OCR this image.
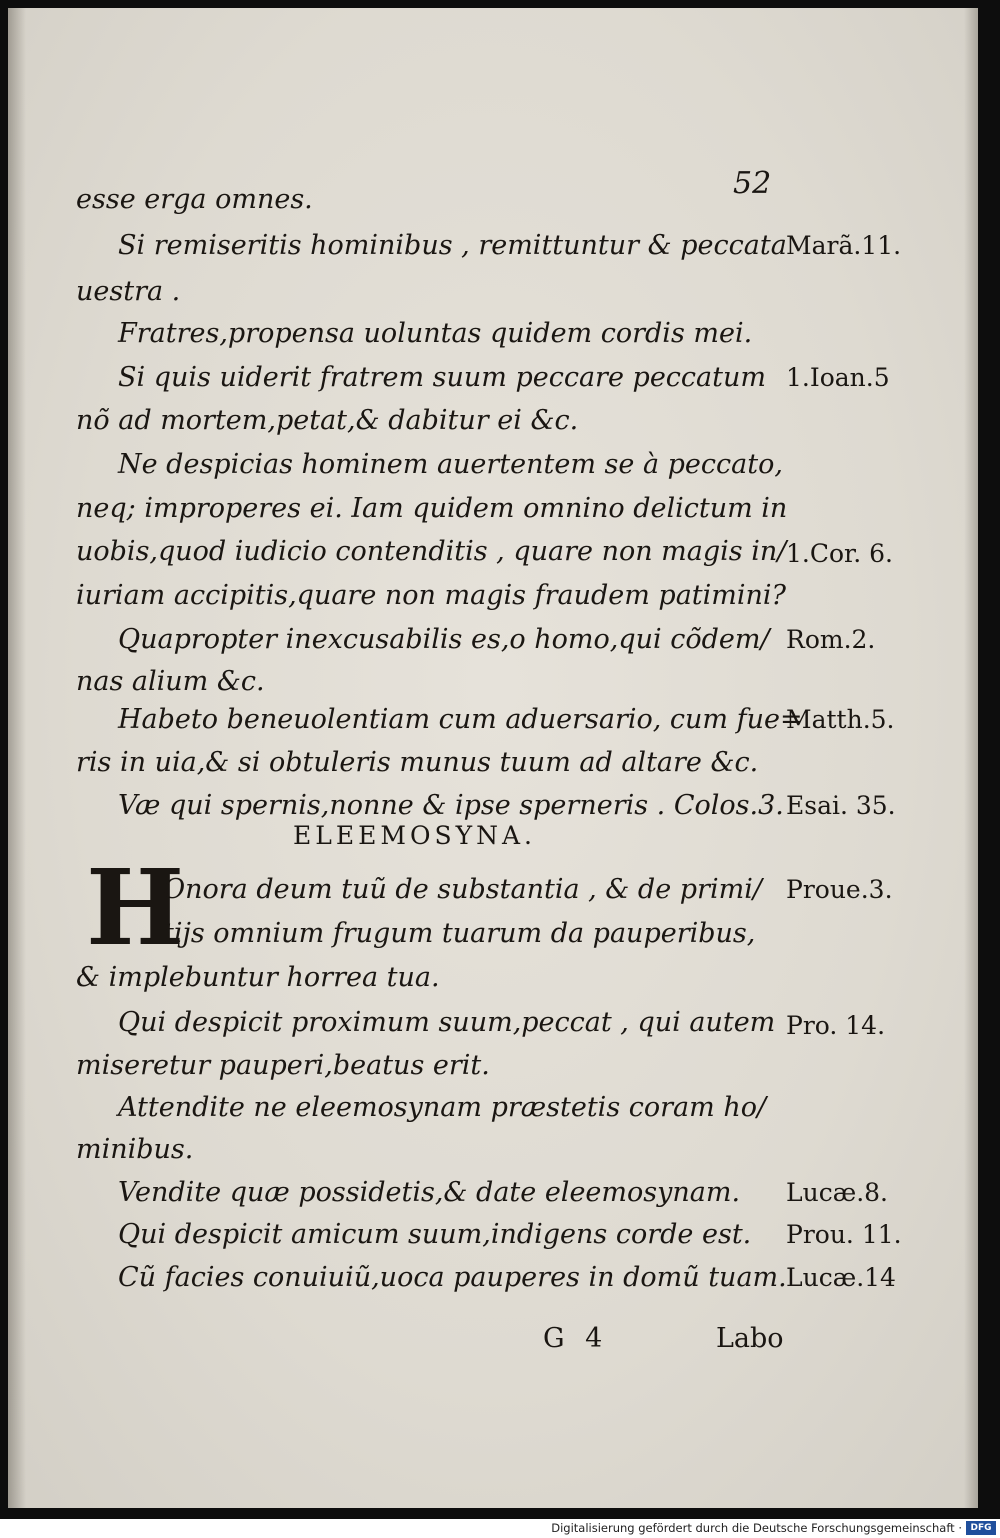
52

esse erga omnes.

Si remiseritis hominibus , remittuntur & peccata

uestra .

Fratres,propensa uoluntas quidem cordis mei.

Si quis uiderit fratrem suum peccare peccatum

nõ ad mortem,petat,& dabitur ei &c.

Ne despicias hominem auertentem se à peccato,

neq; improperes ei. Iam quidem omnino delictum in

uobis,quod iudicio contenditis , quare non magis in/

iuriam accipitis,quare non magis fraudem patimini?

Quapropter inexcusabilis es,o homo,qui cõdem/

nas alium &c.

Habeto beneuolentiam cum aduersario, cum fue=

ris in uia,& si obtuleris munus tuum ad altare &c.

Væ qui spernis,nonne & ipse sperneris . Colos.3.

ELEEMOSYNA.

H

Onora deum tuũ de substantia , & de primi/

tijs omnium frugum tuarum da pauperibus,

& implebuntur horrea tua.

Qui despicit proximum suum,peccat , qui autem

miseretur pauperi,beatus erit.

Attendite ne eleemosynam præstetis coram ho/

minibus.

Vendite quæ possidetis,& date eleemosynam.

Qui despicit amicum suum,indigens corde est.

Cũ facies conuiuiũ,uoca pauperes in domũ tuam.

Marã.11.

1.Ioan.5

1.Cor. 6.

Rom.2.

Matth.5.

Esai. 35.

Proue.3.

Pro. 14.

Lucæ.8.

Prou. 11.

Lucæ.14

G 4	Labo

Digitalisierung gefördert durch die Deutsche Forschungsgemeinschaft · DFG
